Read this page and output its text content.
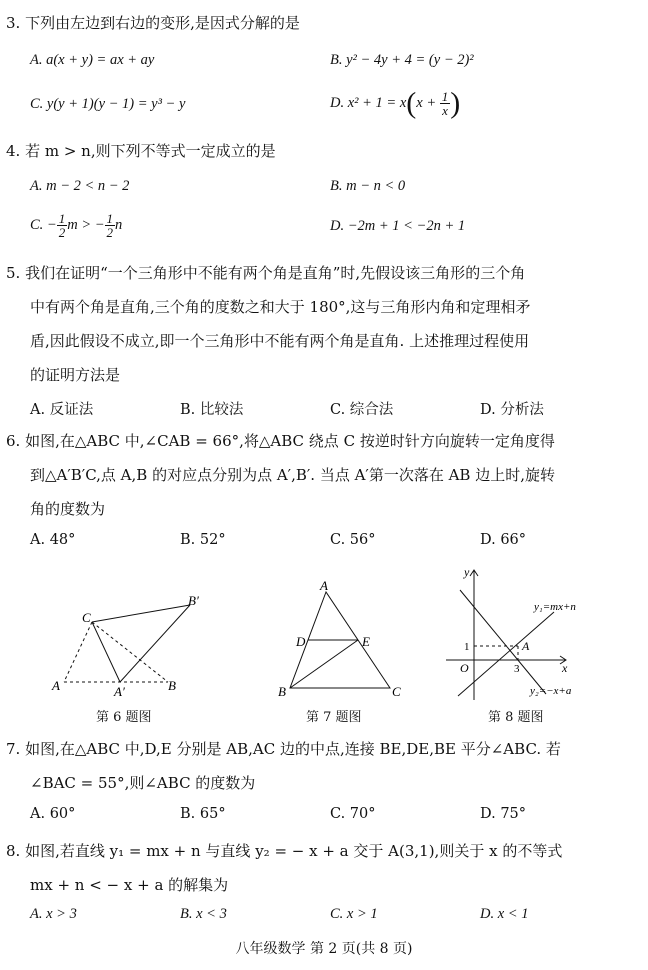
3. 下列由左边到右边的变形,是因式分解的是
A. a(x + y) = ax + ay	B. y² − 4y + 4 = (y − 2)²
C. y(y + 1)(y − 1) = y³ − y	D. $x^2 + 1 = x(x + \frac{1}{x}$ )
4. 若 m > n,则下列不等式一定成立的是
A. m − 2 < n − 2	B. m − n < 0
C. − $\frac{1}{2}$ m > − $\frac{1}{2}$ n	D. −2m + 1 < −2n + 1
5. 我们在证明“一个三角形中不能有两个角是直角”时,先假设该三角形的三个角
中有两个角是直角,三个角的度数之和大于 180°,这与三角形内角和定理相矛
盾,因此假设不成立,即一个三角形中不能有两个角是直角. 上述推理过程使用
的证明方法是
A. 反证法	B. 比较法	C. 综合法	D. 分析法
6. 如图,在△ABC 中,∠CAB = 66°,将△ABC 绕点 C 按逆时针方向旋转一定角度得
到△A′B′C,点 A,B 的对应点分别为点 A′,B′. 当点 A′第一次落在 AB 边上时,旋转
角的度数为
A. 48°	B. 52°	C. 56°	D. 66°
C
B′
A	A′	B
A
D	E
B	C
y
x
O
1
3
A
y₁=mx+n
y₂=−x+a
第 6 题图	第 7 题图	第 8 题图
7. 如图,在△ABC 中,D,E 分别是 AB,AC 边的中点,连接 BE,DE,BE 平分∠ABC. 若
∠BAC = 55°,则∠ABC 的度数为
A. 60°	B. 65°	C. 70°	D. 75°
8. 如图,若直线 y₁ = mx + n 与直线 y₂ = − x + a 交于 A(3,1),则关于 x 的不等式
mx + n < − x + a 的解集为
A. x > 3	B. x < 3	C. x > 1	D. x < 1
八年级数学 第 2 页(共 8 页)
